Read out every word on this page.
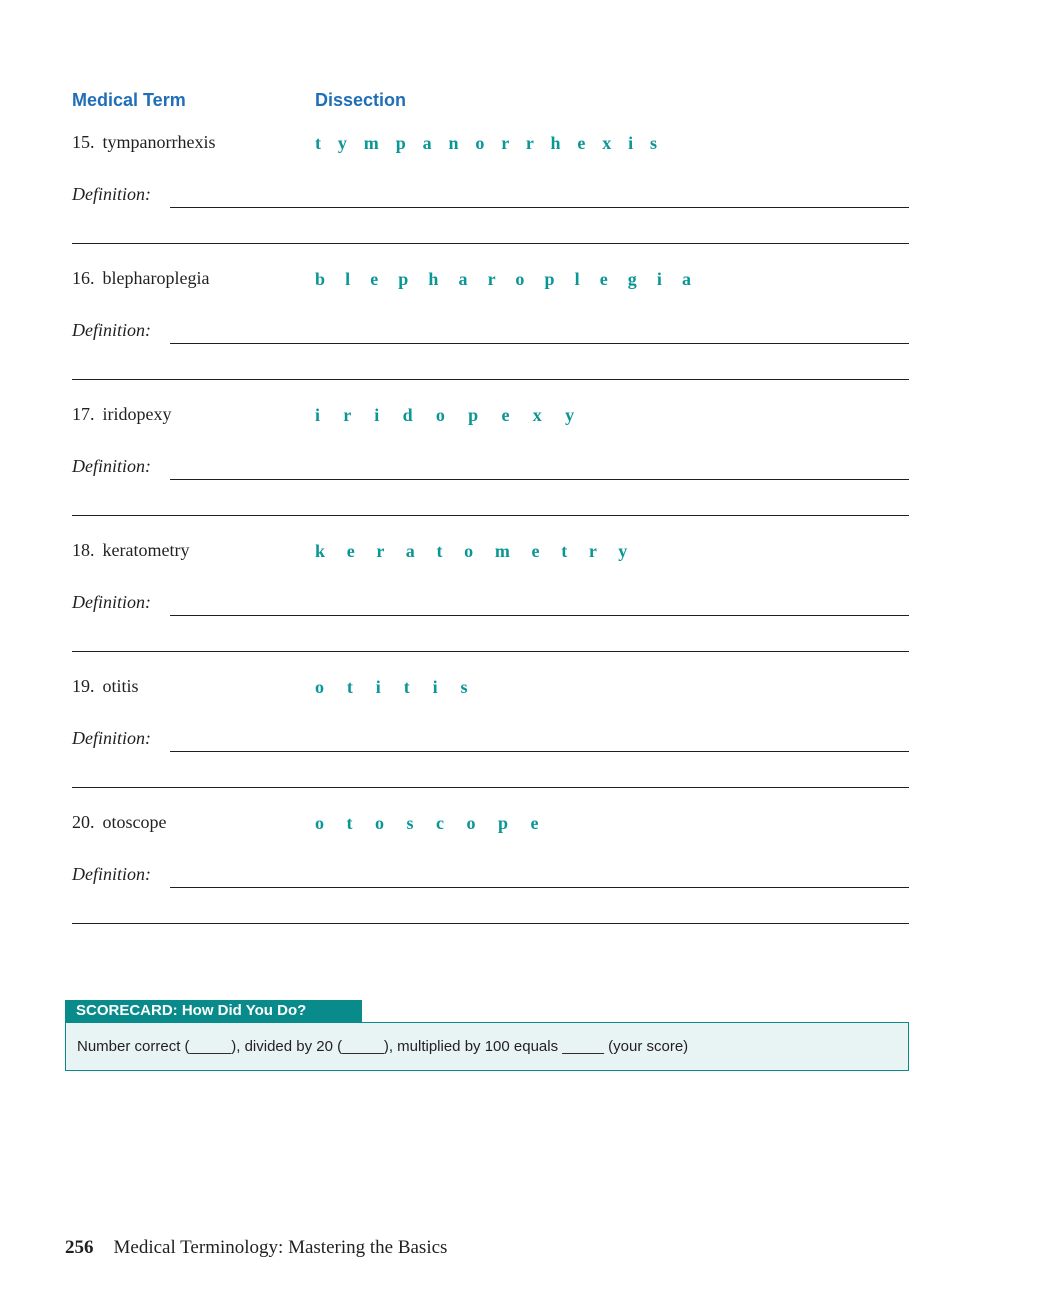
Medical Term	Dissection
15. tympanorrhexis	t y m p a n o r r h e x i s
Definition:
16. blepharoplegia	b l e p h a r o p l e g i a
Definition:
17. iridopexy	i r i d o p e x y
Definition:
18. keratometry	k e r a t o m e t r y
Definition:
19. otitis	o t i t i s
Definition:
20. otoscope	o t o s c o p e
Definition:
SCORECARD: How Did You Do?
Number correct (_____), divided by 20 (_____), multiplied by 100 equals _____ (your score)
256 Medical Terminology: Mastering the Basics
